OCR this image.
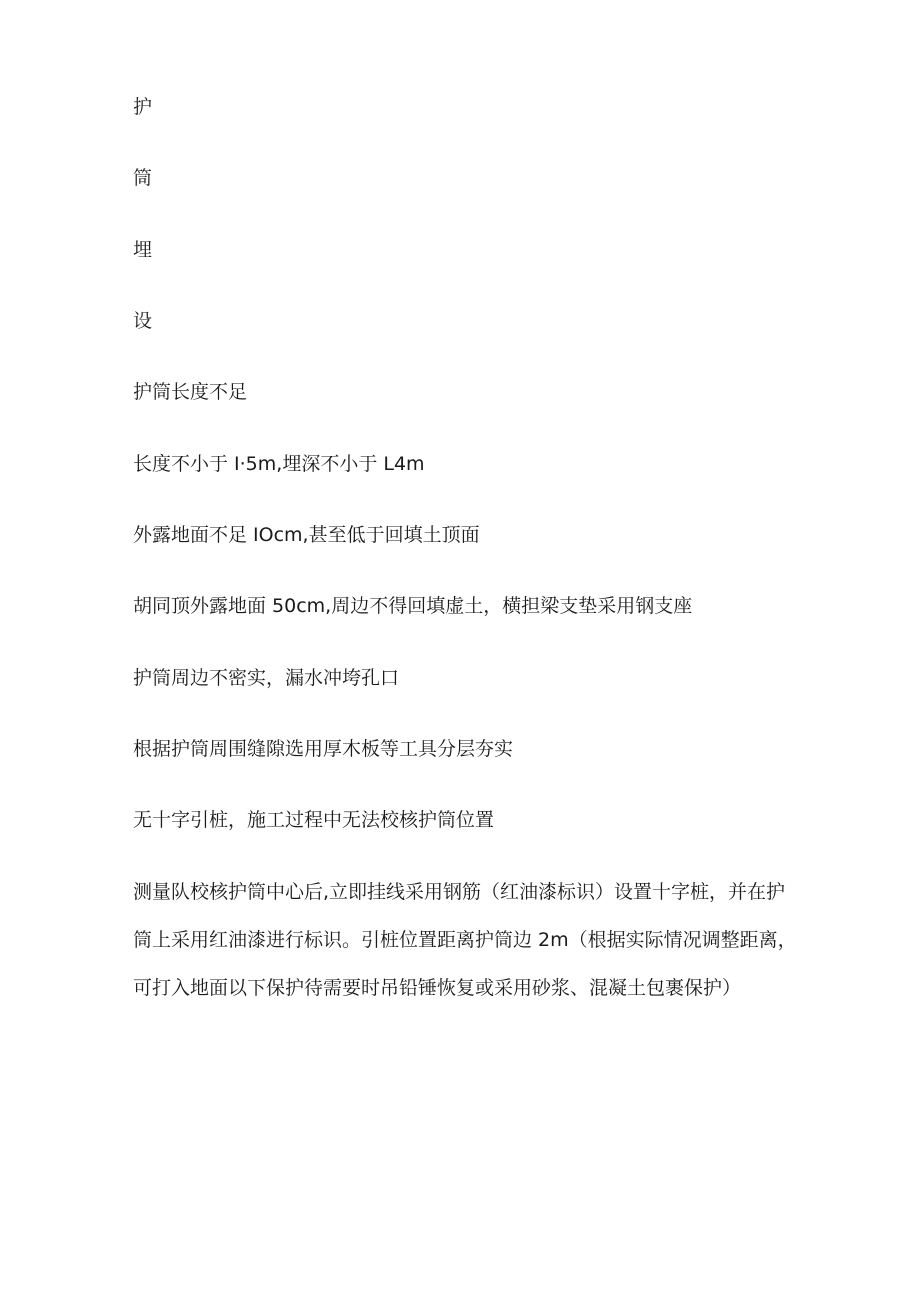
护
筒
埋
设
护筒长度不足
长度不小于 I·5m,埋深不小于 L4m
外露地面不足 IOcm,甚至低于回填土顶面
胡同顶外露地面 50cm,周边不得回填虚土，横担梁支垫采用钢支座
护筒周边不密实，漏水冲垮孔口
根据护筒周围缝隙选用厚木板等工具分层夯实
无十字引桩，施工过程中无法校核护筒位置
测量队校核护筒中心后,立即挂线采用钢筋（红油漆标识）设置十字桩，并在护筒上采用红油漆进行标识。引桩位置距离护筒边 2m（根据实际情况调整距离，可打入地面以下保护待需要时吊铅锤恢复或采用砂浆、混凝土包裹保护）
